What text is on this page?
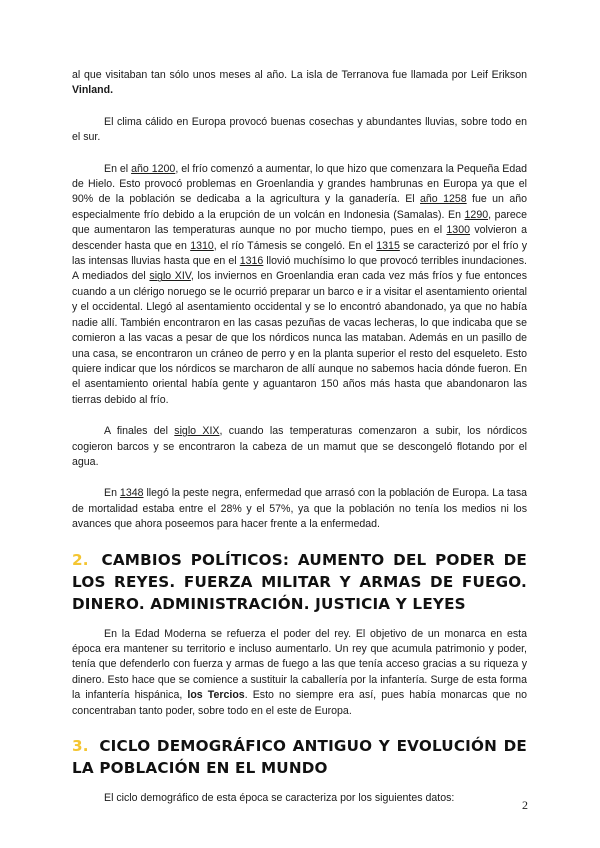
al que visitaban tan sólo unos meses al año. La isla de Terranova fue llamada por Leif Erikson Vinland.

El clima cálido en Europa provocó buenas cosechas y abundantes lluvias, sobre todo en el sur.

En el año 1200, el frío comenzó a aumentar, lo que hizo que comenzara la Pequeña Edad de Hielo. Esto provocó problemas en Groenlandia y grandes hambrunas en Europa ya que el 90% de la población se dedicaba a la agricultura y la ganadería. El año 1258 fue un año especialmente frío debido a la erupción de un volcán en Indonesia (Samalas). En 1290, parece que aumentaron las temperaturas aunque no por mucho tiempo, pues en el 1300 volvieron a descender hasta que en 1310, el río Támesis se congeló. En el 1315 se caracterizó por el frío y las intensas lluvias hasta que en el 1316 llovió muchísimo lo que provocó terribles inundaciones. A mediados del siglo XIV, los inviernos en Groenlandia eran cada vez más fríos y fue entonces cuando a un clérigo noruego se le ocurrió preparar un barco e ir a visitar el asentamiento oriental y el occidental. Llegó al asentamiento occidental y se lo encontró abandonado, ya que no había nadie allí. También encontraron en las casas pezuñas de vacas lecheras, lo que indicaba que se comieron a las vacas a pesar de que los nórdicos nunca las mataban. Además en un pasillo de una casa, se encontraron un cráneo de perro y en la planta superior el resto del esqueleto. Esto quiere indicar que los nórdicos se marcharon de allí aunque no sabemos hacia dónde fueron. En el asentamiento oriental había gente y aguantaron 150 años más hasta que abandonaron las tierras debido al frío.

A finales del siglo XIX, cuando las temperaturas comenzaron a subir, los nórdicos cogieron barcos y se encontraron la cabeza de un mamut que se descongeló flotando por el agua.

En 1348 llegó la peste negra, enfermedad que arrasó con la población de Europa. La tasa de mortalidad estaba entre el 28% y el 57%, ya que la población no tenía los medios ni los avances que ahora poseemos para hacer frente a la enfermedad.

2. CAMBIOS POLÍTICOS: AUMENTO DEL PODER DE LOS REYES. FUERZA MILITAR Y ARMAS DE FUEGO. DINERO. ADMINISTRACIÓN. JUSTICIA Y LEYES

En la Edad Moderna se refuerza el poder del rey. El objetivo de un monarca en esta época era mantener su territorio e incluso aumentarlo. Un rey que acumula patrimonio y poder, tenía que defenderlo con fuerza y armas de fuego a las que tenía acceso gracias a su riqueza y dinero. Esto hace que se comience a sustituir la caballería por la infantería. Surge de esta forma la infantería hispánica, los Tercios. Esto no siempre era así, pues había monarcas que no concentraban tanto poder, sobre todo en el este de Europa.

3. CICLO DEMOGRÁFICO ANTIGUO Y EVOLUCIÓN DE LA POBLACIÓN EN EL MUNDO

El ciclo demográfico de esta época se caracteriza por los siguientes datos:	2
